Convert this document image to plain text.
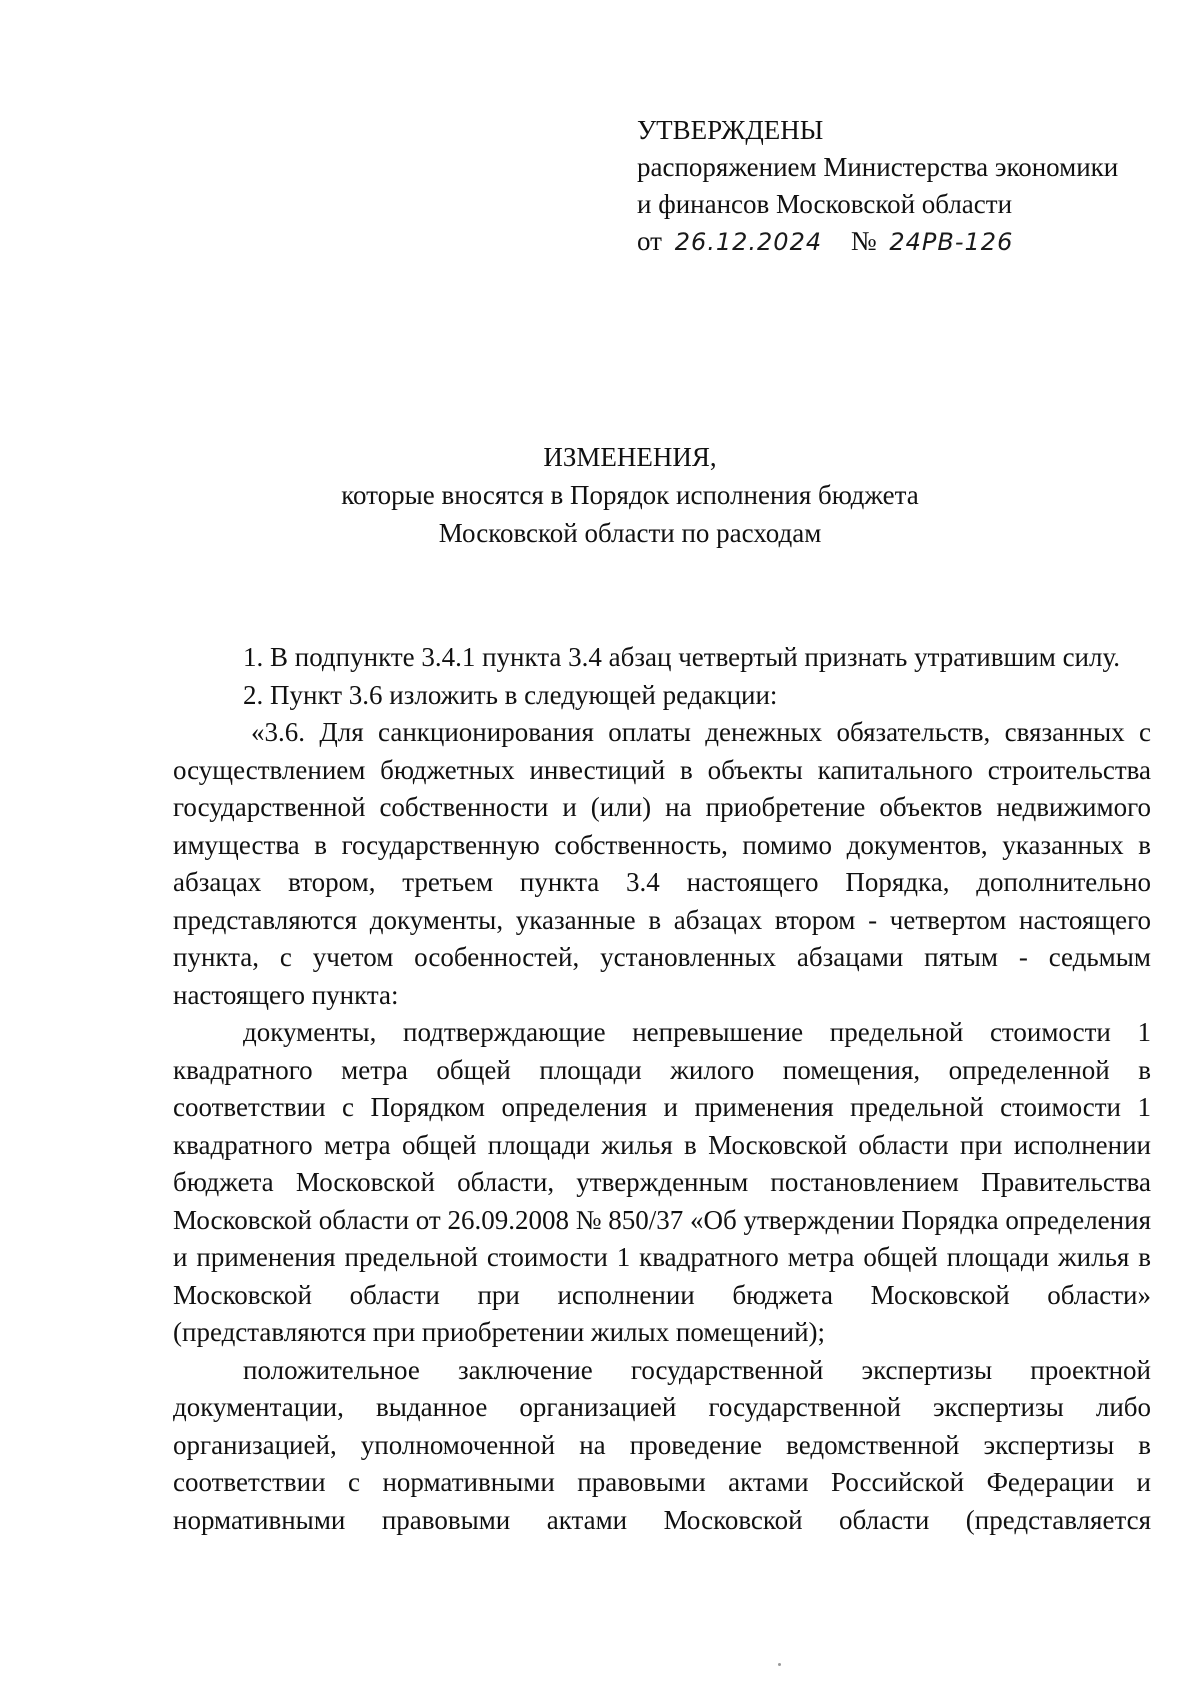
УТВЕРЖДЕНЫ
распоряжением Министерства экономики
и финансов Московской области
от 26.12.2024 № 24РВ-126
ИЗМЕНЕНИЯ,
которые вносятся в Порядок исполнения бюджета
Московской области по расходам

1. В подпункте 3.4.1 пункта 3.4 абзац четвертый признать утратившим силу.

2. Пункт 3.6 изложить в следующей редакции:

«3.6. Для санкционирования оплаты денежных обязательств, связанных с осуществлением бюджетных инвестиций в объекты капитального строительства государственной собственности и (или) на приобретение объектов недвижимого имущества в государственную собственность, помимо документов, указанных в абзацах втором, третьем пункта 3.4 настоящего Порядка, дополнительно представляются документы, указанные в абзацах втором - четвертом настоящего пункта, с учетом особенностей, установленных абзацами пятым - седьмым настоящего пункта:

документы, подтверждающие непревышение предельной стоимости 1 квадратного метра общей площади жилого помещения, определенной в соответствии с Порядком определения и применения предельной стоимости 1 квадратного метра общей площади жилья в Московской области при исполнении бюджета Московской области, утвержденным постановлением Правительства Московской области от 26.09.2008 № 850/37 «Об утверждении Порядка определения и применения предельной стоимости 1 квадратного метра общей площади жилья в Московской области при исполнении бюджета Московской области» (представляются при приобретении жилых помещений);

положительное заключение государственной экспертизы проектной документации, выданное организацией государственной экспертизы либо организацией, уполномоченной на проведение ведомственной экспертизы в соответствии с нормативными правовыми актами Российской Федерации и нормативными правовыми актами Московской области (представляется
